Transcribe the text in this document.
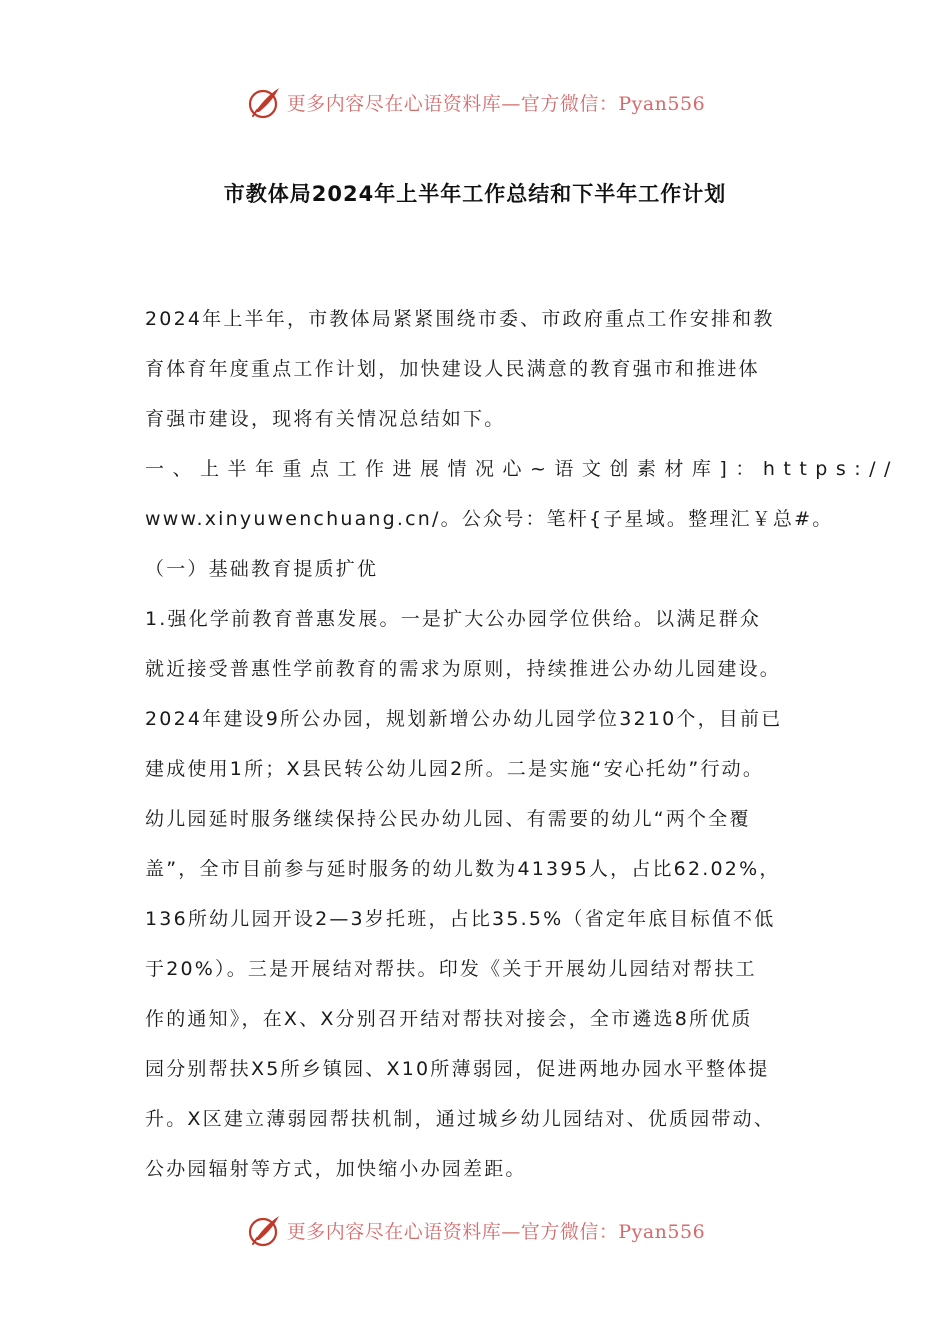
更多内容尽在心语资料库—官方微信：Pyan556
市教体局2024年上半年工作总结和下半年工作计划
2024年上半年，市教体局紧紧围绕市委、市政府重点工作安排和教
育体育年度重点工作计划，加快建设人民满意的教育强市和推进体
育强市建设，现将有关情况总结如下。
一、上半年重点工作进展情况心~语文创素材库]：https://
www.xinyuwenchuang.cn/。公众号：笔杆{子星域。整理汇￥总#。
（一）基础教育提质扩优
1.强化学前教育普惠发展。一是扩大公办园学位供给。以满足群众
就近接受普惠性学前教育的需求为原则，持续推进公办幼儿园建设。
2024年建设9所公办园，规划新增公办幼儿园学位3210个，目前已
建成使用1所；X县民转公幼儿园2所。二是实施“安心托幼”行动。
幼儿园延时服务继续保持公民办幼儿园、有需要的幼儿“两个全覆
盖”，全市目前参与延时服务的幼儿数为41395人，占比62.02%，
136所幼儿园开设2—3岁托班，占比35.5%（省定年底目标值不低
于20%）。三是开展结对帮扶。印发《关于开展幼儿园结对帮扶工
作的通知》，在X、X分别召开结对帮扶对接会，全市遴选8所优质
园分别帮扶X5所乡镇园、X10所薄弱园，促进两地办园水平整体提
升。X区建立薄弱园帮扶机制，通过城乡幼儿园结对、优质园带动、
公办园辐射等方式，加快缩小办园差距。
更多内容尽在心语资料库—官方微信：Pyan556
